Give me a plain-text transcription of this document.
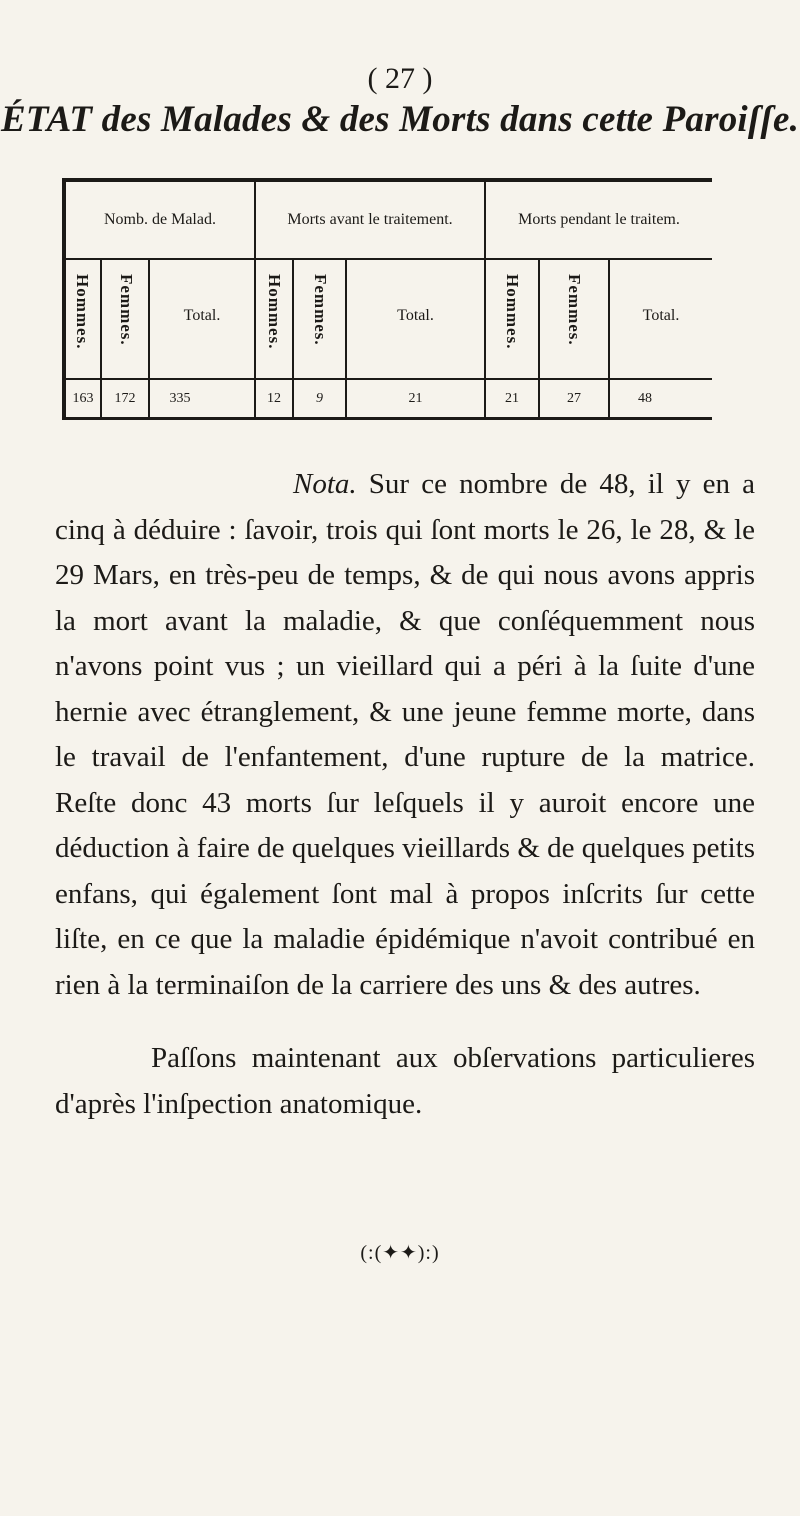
( 27 )
ÉTAT des Malades & des Morts dans cette Paroiſſe.
Nomb. de Malad.	Morts avant le traitement.	Morts pendant le traitem.
Hommes. Femmes.	Total.	Hommes. Femmes.	Total.	Hommes.	Femmes.	Total.
163	172	335	12	9	21	21	27	48

Nota. Sur ce nombre de 48, il y en a cinq à déduire : ſavoir, trois qui ſont morts le 26, le 28, & le 29 Mars, en très-peu de temps, & de qui nous avons appris la mort avant la maladie, & que conſéquemment nous n'avons point vus ; un vieillard qui a péri à la ſuite d'une hernie avec étranglement, & une jeune femme morte, dans le travail de l'enfantement, d'une rupture de la matrice. Reſte donc 43 morts ſur leſquels il y auroit encore une déduction à faire de quelques vieillards & de quelques petits enfans, qui également ſont mal à propos inſcrits ſur cette liſte, en ce que la maladie épidémique n'avoit contribué en rien à la terminaiſon de la carriere des uns & des autres.

Paſſons maintenant aux obſervations particulieres d'après l'inſpection anatomique.

(:(✦✦):)
